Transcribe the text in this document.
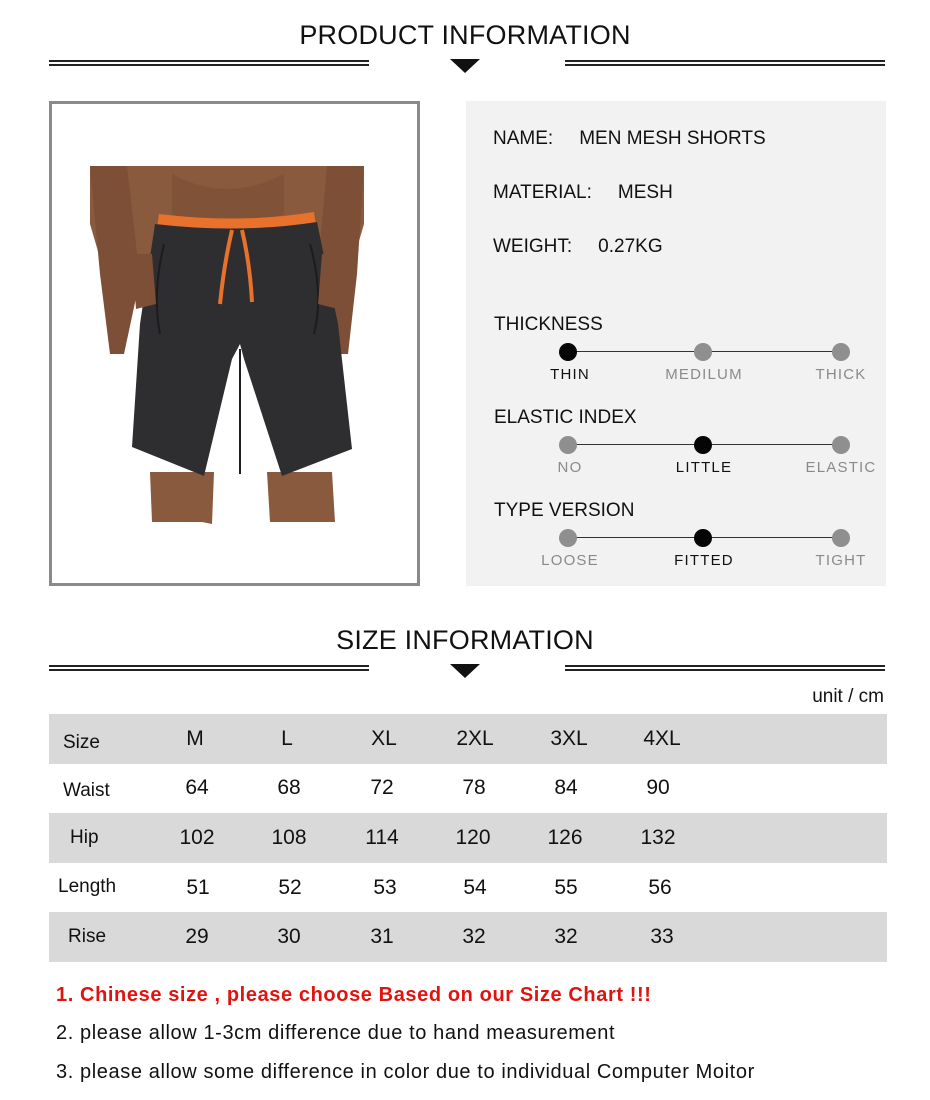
PRODUCT INFORMATION
NAME: MEN MESH SHORTS
MATERIAL: MESH
WEIGHT: 0.27KG
THICKNESS
THIN	MEDILUM	THICK
ELASTIC INDEX
NO	LITTLE	ELASTIC
TYPE VERSION
LOOSE	FITTED	TIGHT
SIZE INFORMATION
unit / cm
Size	M	L	XL	2XL	3XL	4XL
Waist	64	68	72	78	84	90
Hip	102	108	114	120	126	132
Length	51	52	53	54	55	56
Rise	29	30	31	32	32	33
1. Chinese size , please choose Based on our Size Chart !!!
2. please allow 1-3cm difference due to hand measurement
3. please allow some difference in color due to individual Computer Moitor
